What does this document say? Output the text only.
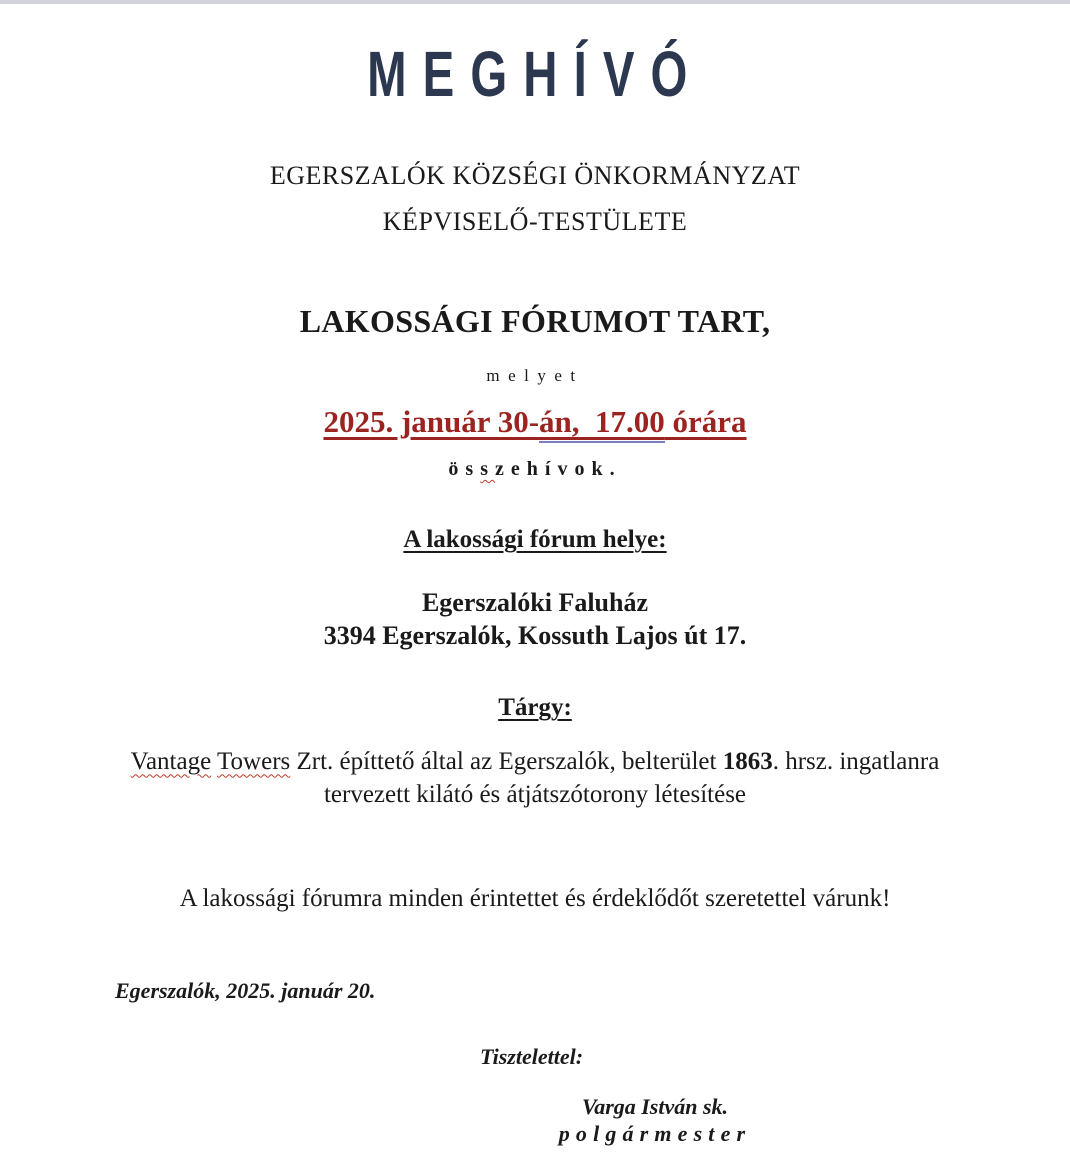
MEGHÍVÓ
EGERSZALÓK KÖZSÉGI ÖNKORMÁNYZAT
KÉPVISELŐ-TESTÜLETE
LAKOSSÁGI FÓRUMOT TART,
melyet
2025. január 30-án,  17.00 órára
összehívok.
A lakossági fórum helye:
Egerszalóki Faluház
3394 Egerszalók, Kossuth Lajos út 17.
Tárgy:
Vantage Towers Zrt. építtető által az Egerszalók, belterület 1863. hrsz. ingatlanra
tervezett kilátó és átjátszótorony létesítése
A lakossági fórumra minden érintettet és érdeklődőt szeretettel várunk!
Egerszalók, 2025. január 20.
Tisztelettel:
Varga István sk.
polgármester
